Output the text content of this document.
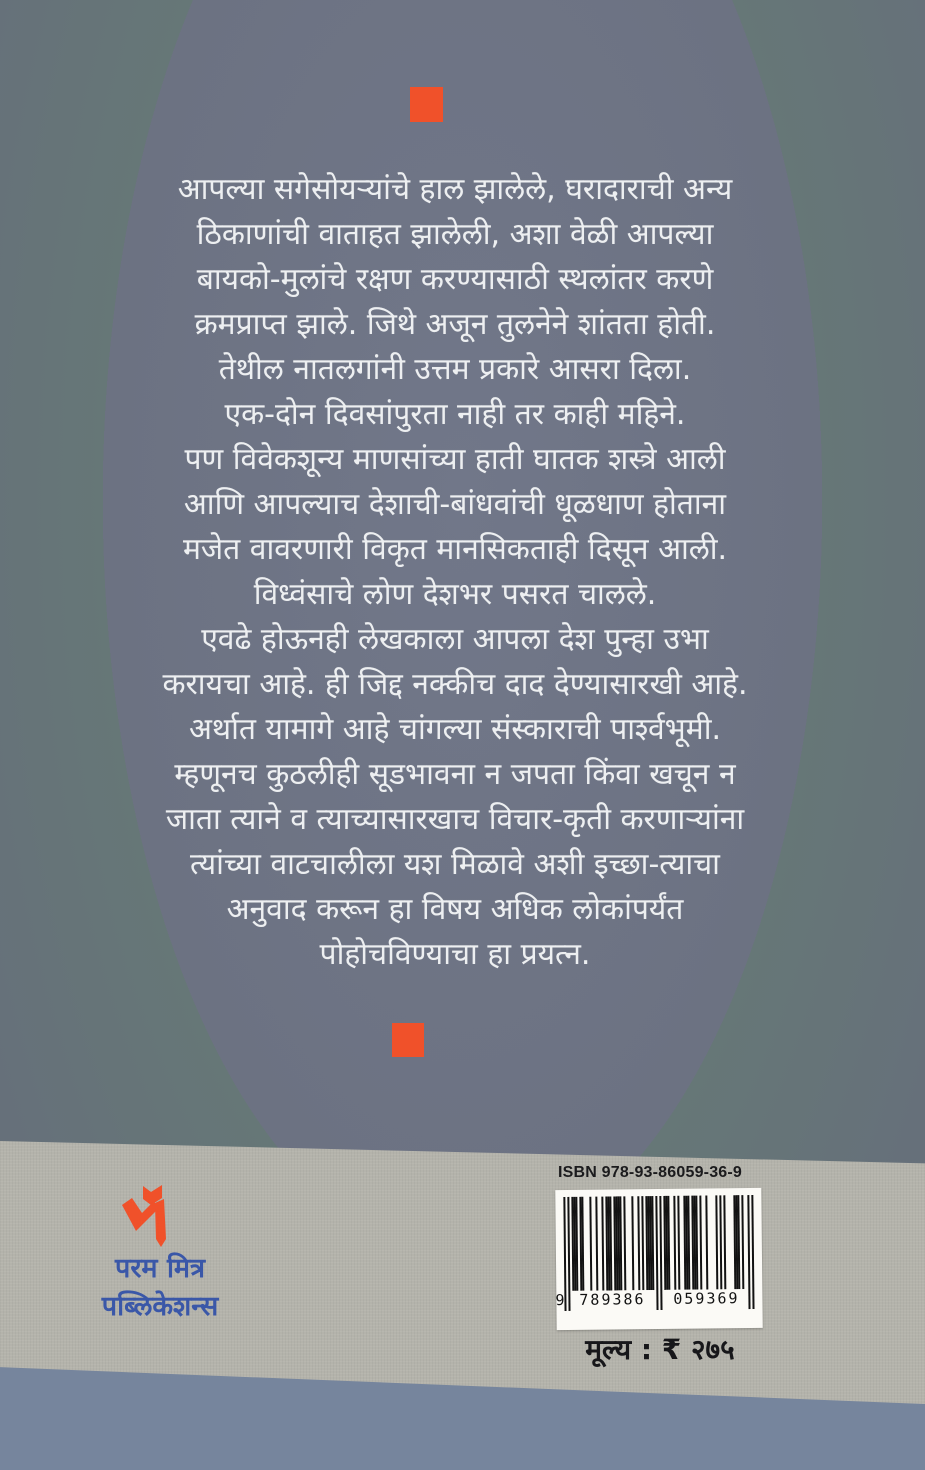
आपल्या सगेसोयऱ्यांचे हाल झालेले, घरादाराची अन्य
ठिकाणांची वाताहत झालेली, अशा वेळी आपल्या
बायको-मुलांचे रक्षण करण्यासाठी स्थलांतर करणे
क्रमप्राप्त झाले. जिथे अजून तुलनेने शांतता होती.
तेथील नातलगांनी उत्तम प्रकारे आसरा दिला.
एक-दोन दिवसांपुरता नाही तर काही महिने.
पण विवेकशून्य माणसांच्या हाती घातक शस्त्रे आली
आणि आपल्याच देशाची-बांधवांची धूळधाण होताना
मजेत वावरणारी विकृत मानसिकताही दिसून आली.
विध्वंसाचे लोण देशभर पसरत चालले.
एवढे होऊनही लेखकाला आपला देश पुन्हा उभा
करायचा आहे. ही जिद्द नक्कीच दाद देण्यासारखी आहे.
अर्थात यामागे आहे चांगल्या संस्काराची पार्श्वभूमी.
म्हणूनच कुठलीही सूडभावना न जपता किंवा खचून न
जाता त्याने व त्याच्यासारखाच विचार-कृती करणाऱ्यांना
त्यांच्या वाटचालीला यश मिळावे अशी इच्छा-त्याचा
अनुवाद करून हा विषय अधिक लोकांपर्यंत
पोहोचविण्याचा हा प्रयत्न.
परम मित्र
पब्लिकेशन्स
ISBN 978-93-86059-36-9
9 789386	059369
मूल्य : ₹ २७५
